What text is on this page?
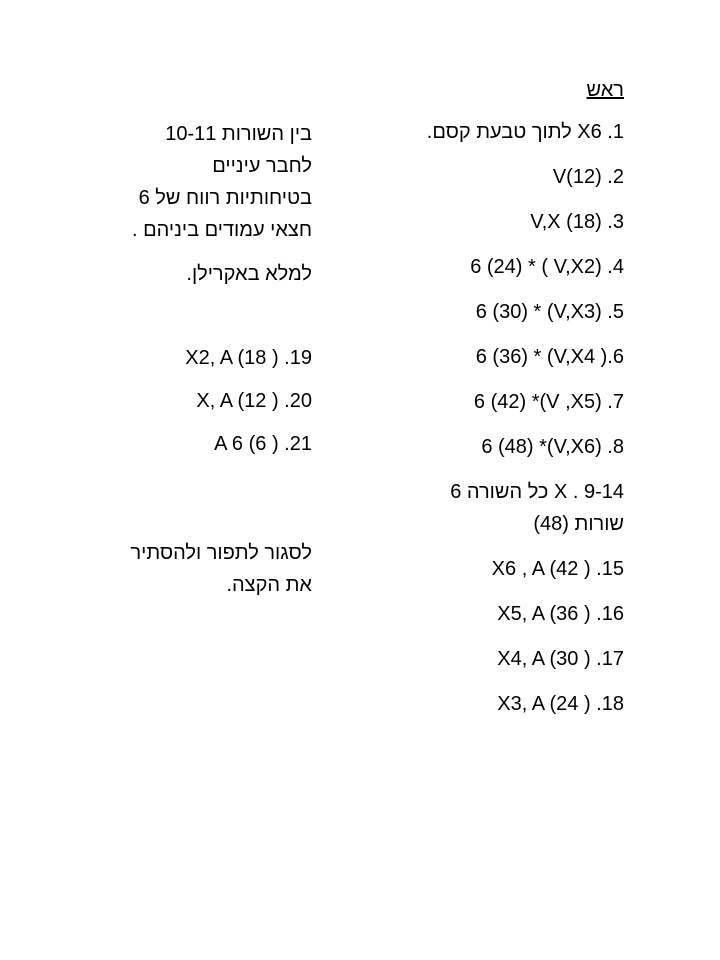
ראש
1. X6 לתוך טבעת קסם.
2. V(12)
3. V,X (18)
4. (V,X2 ) * 6 (24)
5. (V,X3) * 6 (30)
6.( V,X4) * 6 (36)
7. (V ,X5)* 6 (42)
8. (V,X6)* 6 (48)
9-14 . X כל השורה 6 שורות (48)
15. X6 , A (42 )
16. X5, A (36 )
17. X4, A (30 )
18. X3, A (24 )
בין השורות 10-11
לחבר עיניים
בטיחותיות רווח של 6
חצאי עמודים ביניהם .
למלא באקרילן.
19. X2, A (18 )
20. X, A (12 )
21. A 6 (6 )
לסגור לתפור ולהסתיר
את הקצה.
